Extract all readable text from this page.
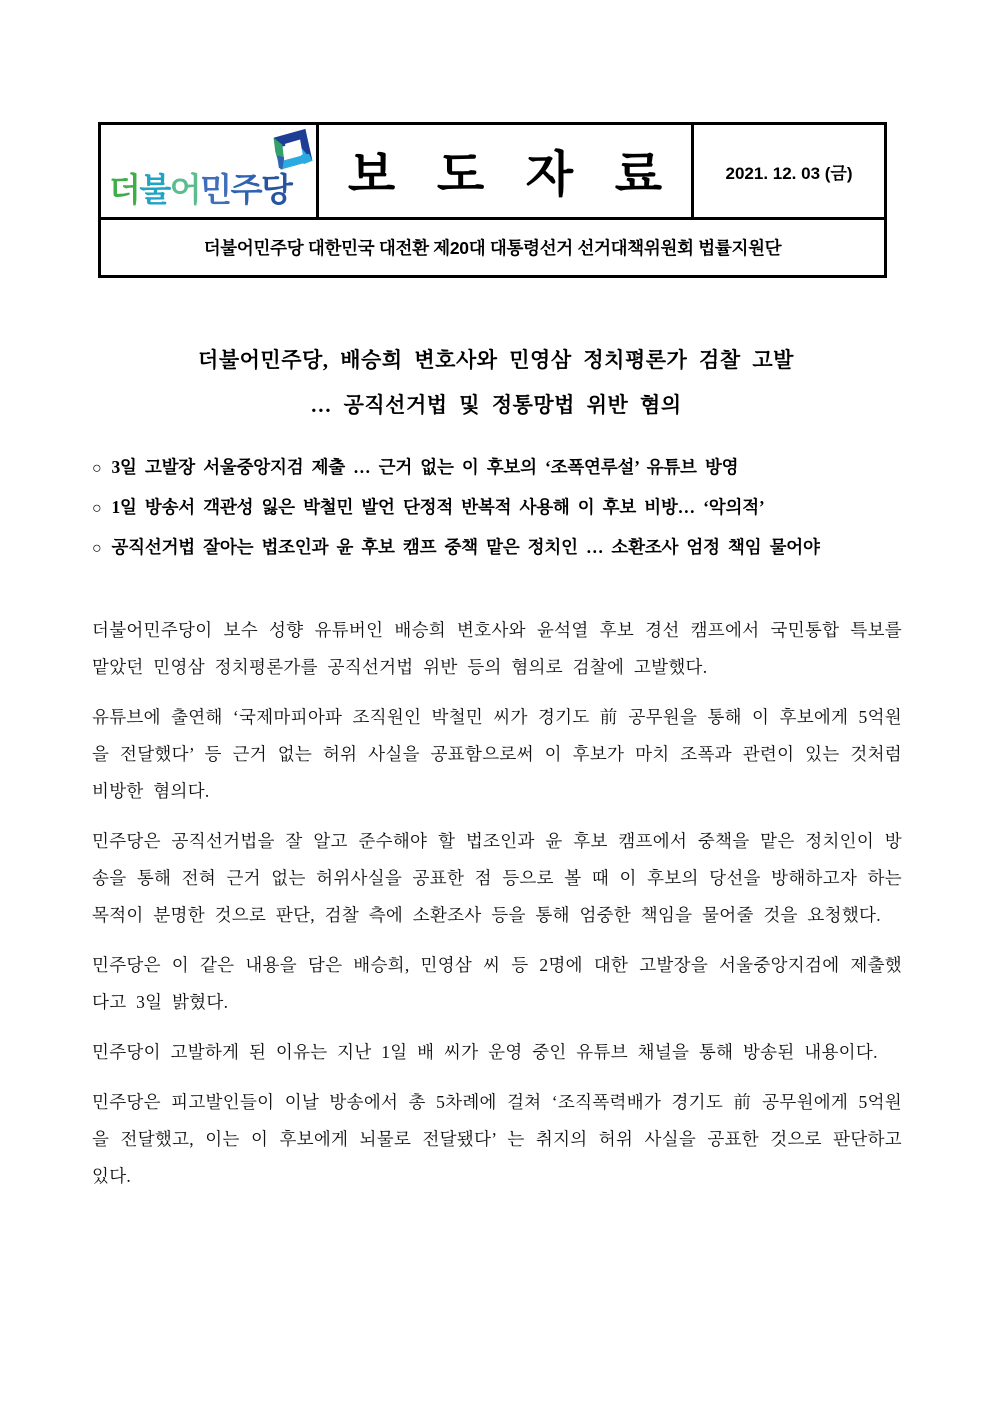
더불어민주당 보 도 자 료	2021. 12. 03 (금)
더불어민주당 대한민국 대전환 제20대 대통령선거 선거대책위원회 법률지원단
더불어민주당, 배승희 변호사와 민영삼 정치평론가 검찰 고발
… 공직선거법 및 정통망법 위반 혐의
○ 3일 고발장 서울중앙지검 제출 … 근거 없는 이 후보의 ‘조폭연루설’ 유튜브 방영
○ 1일 방송서 객관성 잃은 박철민 발언 단정적 반복적 사용해 이 후보 비방… ‘악의적’
○ 공직선거법 잘아는 법조인과 윤 후보 캠프 중책 맡은 정치인 … 소환조사 엄정 책임 물어야

더불어민주당이 보수 성향 유튜버인 배승희 변호사와 윤석열 후보 경선 캠프에서 국민통합 특보를 맡았던 민영삼 정치평론가를 공직선거법 위반 등의 혐의로 검찰에 고발했다.

유튜브에 출연해 ‘국제마피아파 조직원인 박철민 씨가 경기도 前 공무원을 통해 이 후보에게 5억원을 전달했다’ 등 근거 없는 허위 사실을 공표함으로써 이 후보가 마치 조폭과 관련이 있는 것처럼 비방한 혐의다.

민주당은 공직선거법을 잘 알고 준수해야 할 법조인과 윤 후보 캠프에서 중책을 맡은 정치인이 방송을 통해 전혀 근거 없는 허위사실을 공표한 점 등으로 볼 때 이 후보의 당선을 방해하고자 하는 목적이 분명한 것으로 판단, 검찰 측에 소환조사 등을 통해 엄중한 책임을 물어줄 것을 요청했다.

민주당은 이 같은 내용을 담은 배승희, 민영삼 씨 등 2명에 대한 고발장을 서울중앙지검에 제출했다고 3일 밝혔다.

민주당이 고발하게 된 이유는 지난 1일 배 씨가 운영 중인 유튜브 채널을 통해 방송된 내용이다.

민주당은 피고발인들이 이날 방송에서 총 5차례에 걸쳐 ‘조직폭력배가 경기도 前 공무원에게 5억원을 전달했고, 이는 이 후보에게 뇌물로 전달됐다’ 는 취지의 허위 사실을 공표한 것으로 판단하고 있다.
